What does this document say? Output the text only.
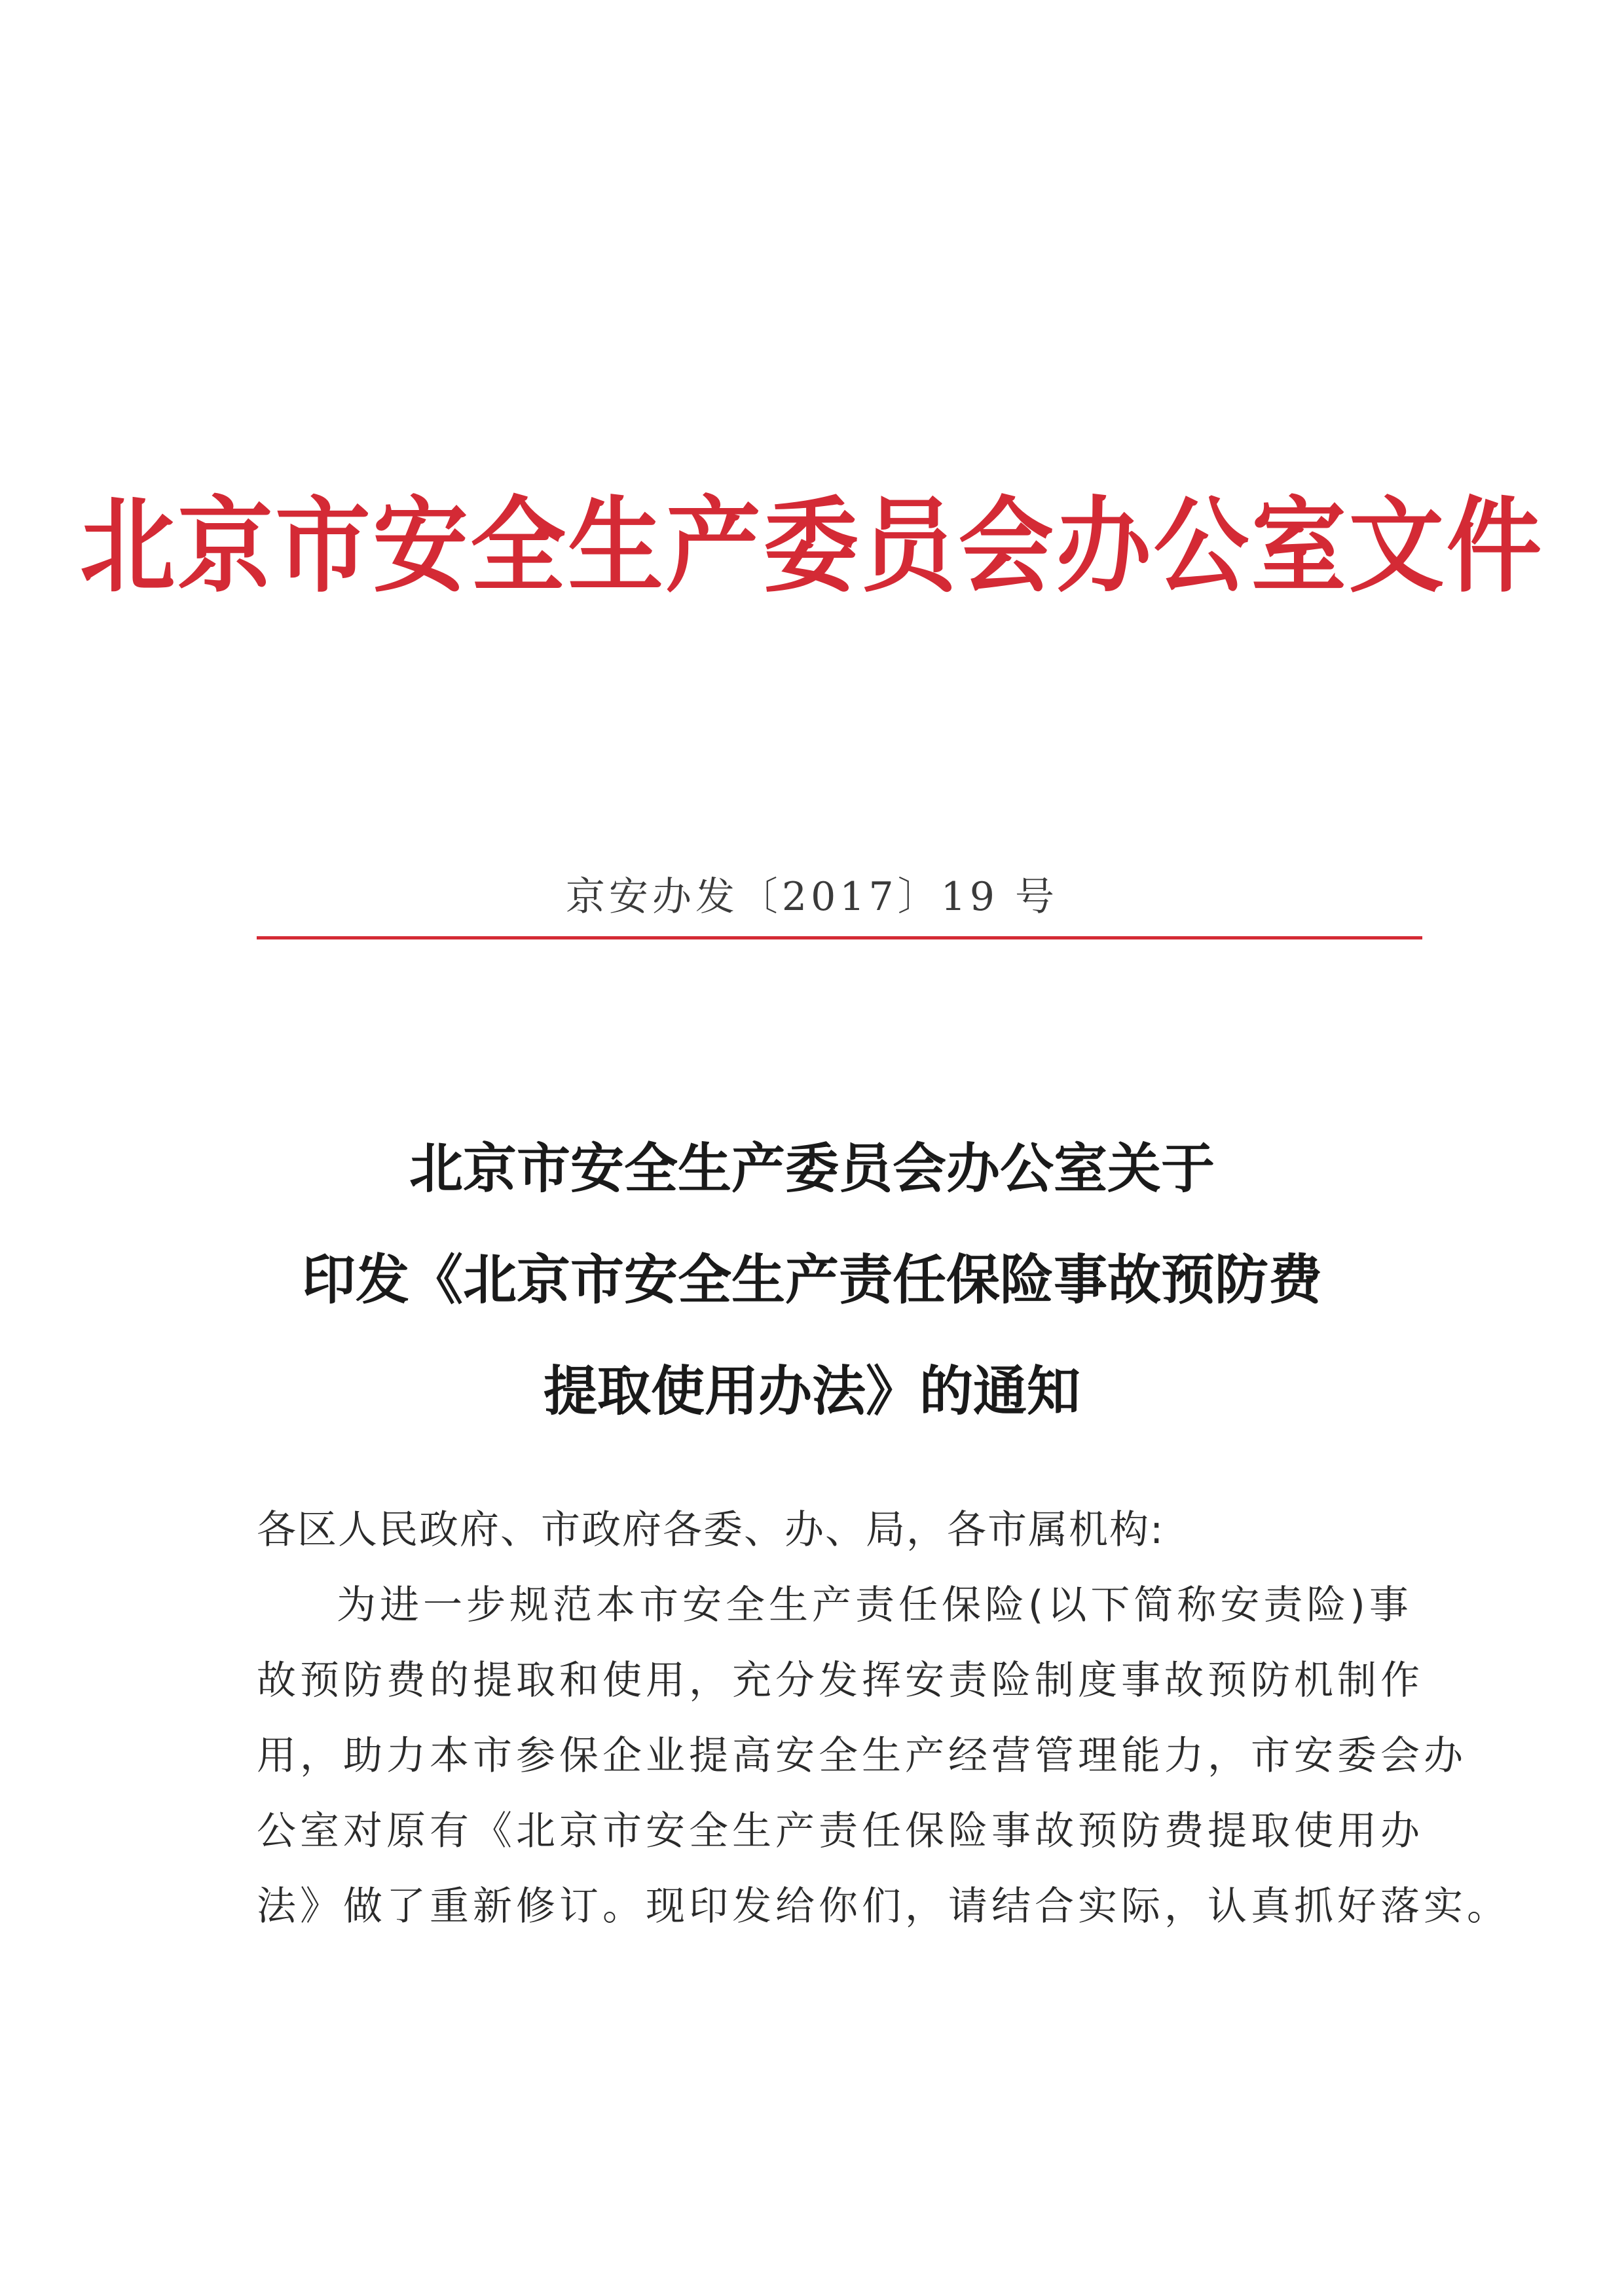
北京市安全生产委员会办公室文件
京安办发〔2017〕19 号
北京市安全生产委员会办公室关于
印发《北京市安全生产责任保险事故预防费
提取使用办法》的通知
各区人民政府、市政府各委、办、局，各市属机构:
为进一步规范本市安全生产责任保险(以下简称安责险)事
故预防费的提取和使用，充分发挥安责险制度事故预防机制作
用，助力本市参保企业提高安全生产经营管理能力，市安委会办
公室对原有《北京市安全生产责任保险事故预防费提取使用办
法》做了重新修订。现印发给你们，请结合实际，认真抓好落实。
